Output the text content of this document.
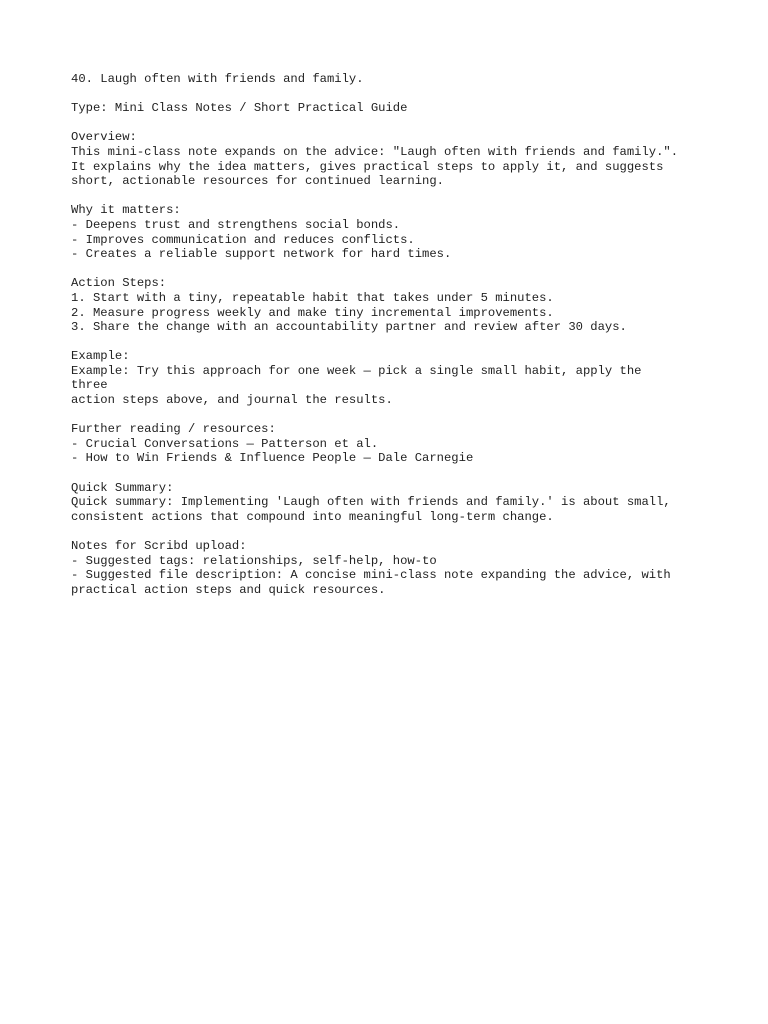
40. Laugh often with friends and family.
Type: Mini Class Notes / Short Practical Guide
Overview:
This mini-class note expands on the advice: "Laugh often with friends and family.".
It explains why the idea matters, gives practical steps to apply it, and suggests
short, actionable resources for continued learning.
Why it matters:
- Deepens trust and strengthens social bonds.
- Improves communication and reduces conflicts.
- Creates a reliable support network for hard times.
Action Steps:
1. Start with a tiny, repeatable habit that takes under 5 minutes.
2. Measure progress weekly and make tiny incremental improvements.
3. Share the change with an accountability partner and review after 30 days.
Example:
Example: Try this approach for one week — pick a single small habit, apply the
three
action steps above, and journal the results.
Further reading / resources:
- Crucial Conversations — Patterson et al.
- How to Win Friends & Influence People — Dale Carnegie
Quick Summary:
Quick summary: Implementing 'Laugh often with friends and family.' is about small,
consistent actions that compound into meaningful long-term change.
Notes for Scribd upload:
- Suggested tags: relationships, self-help, how-to
- Suggested file description: A concise mini-class note expanding the advice, with
practical action steps and quick resources.
